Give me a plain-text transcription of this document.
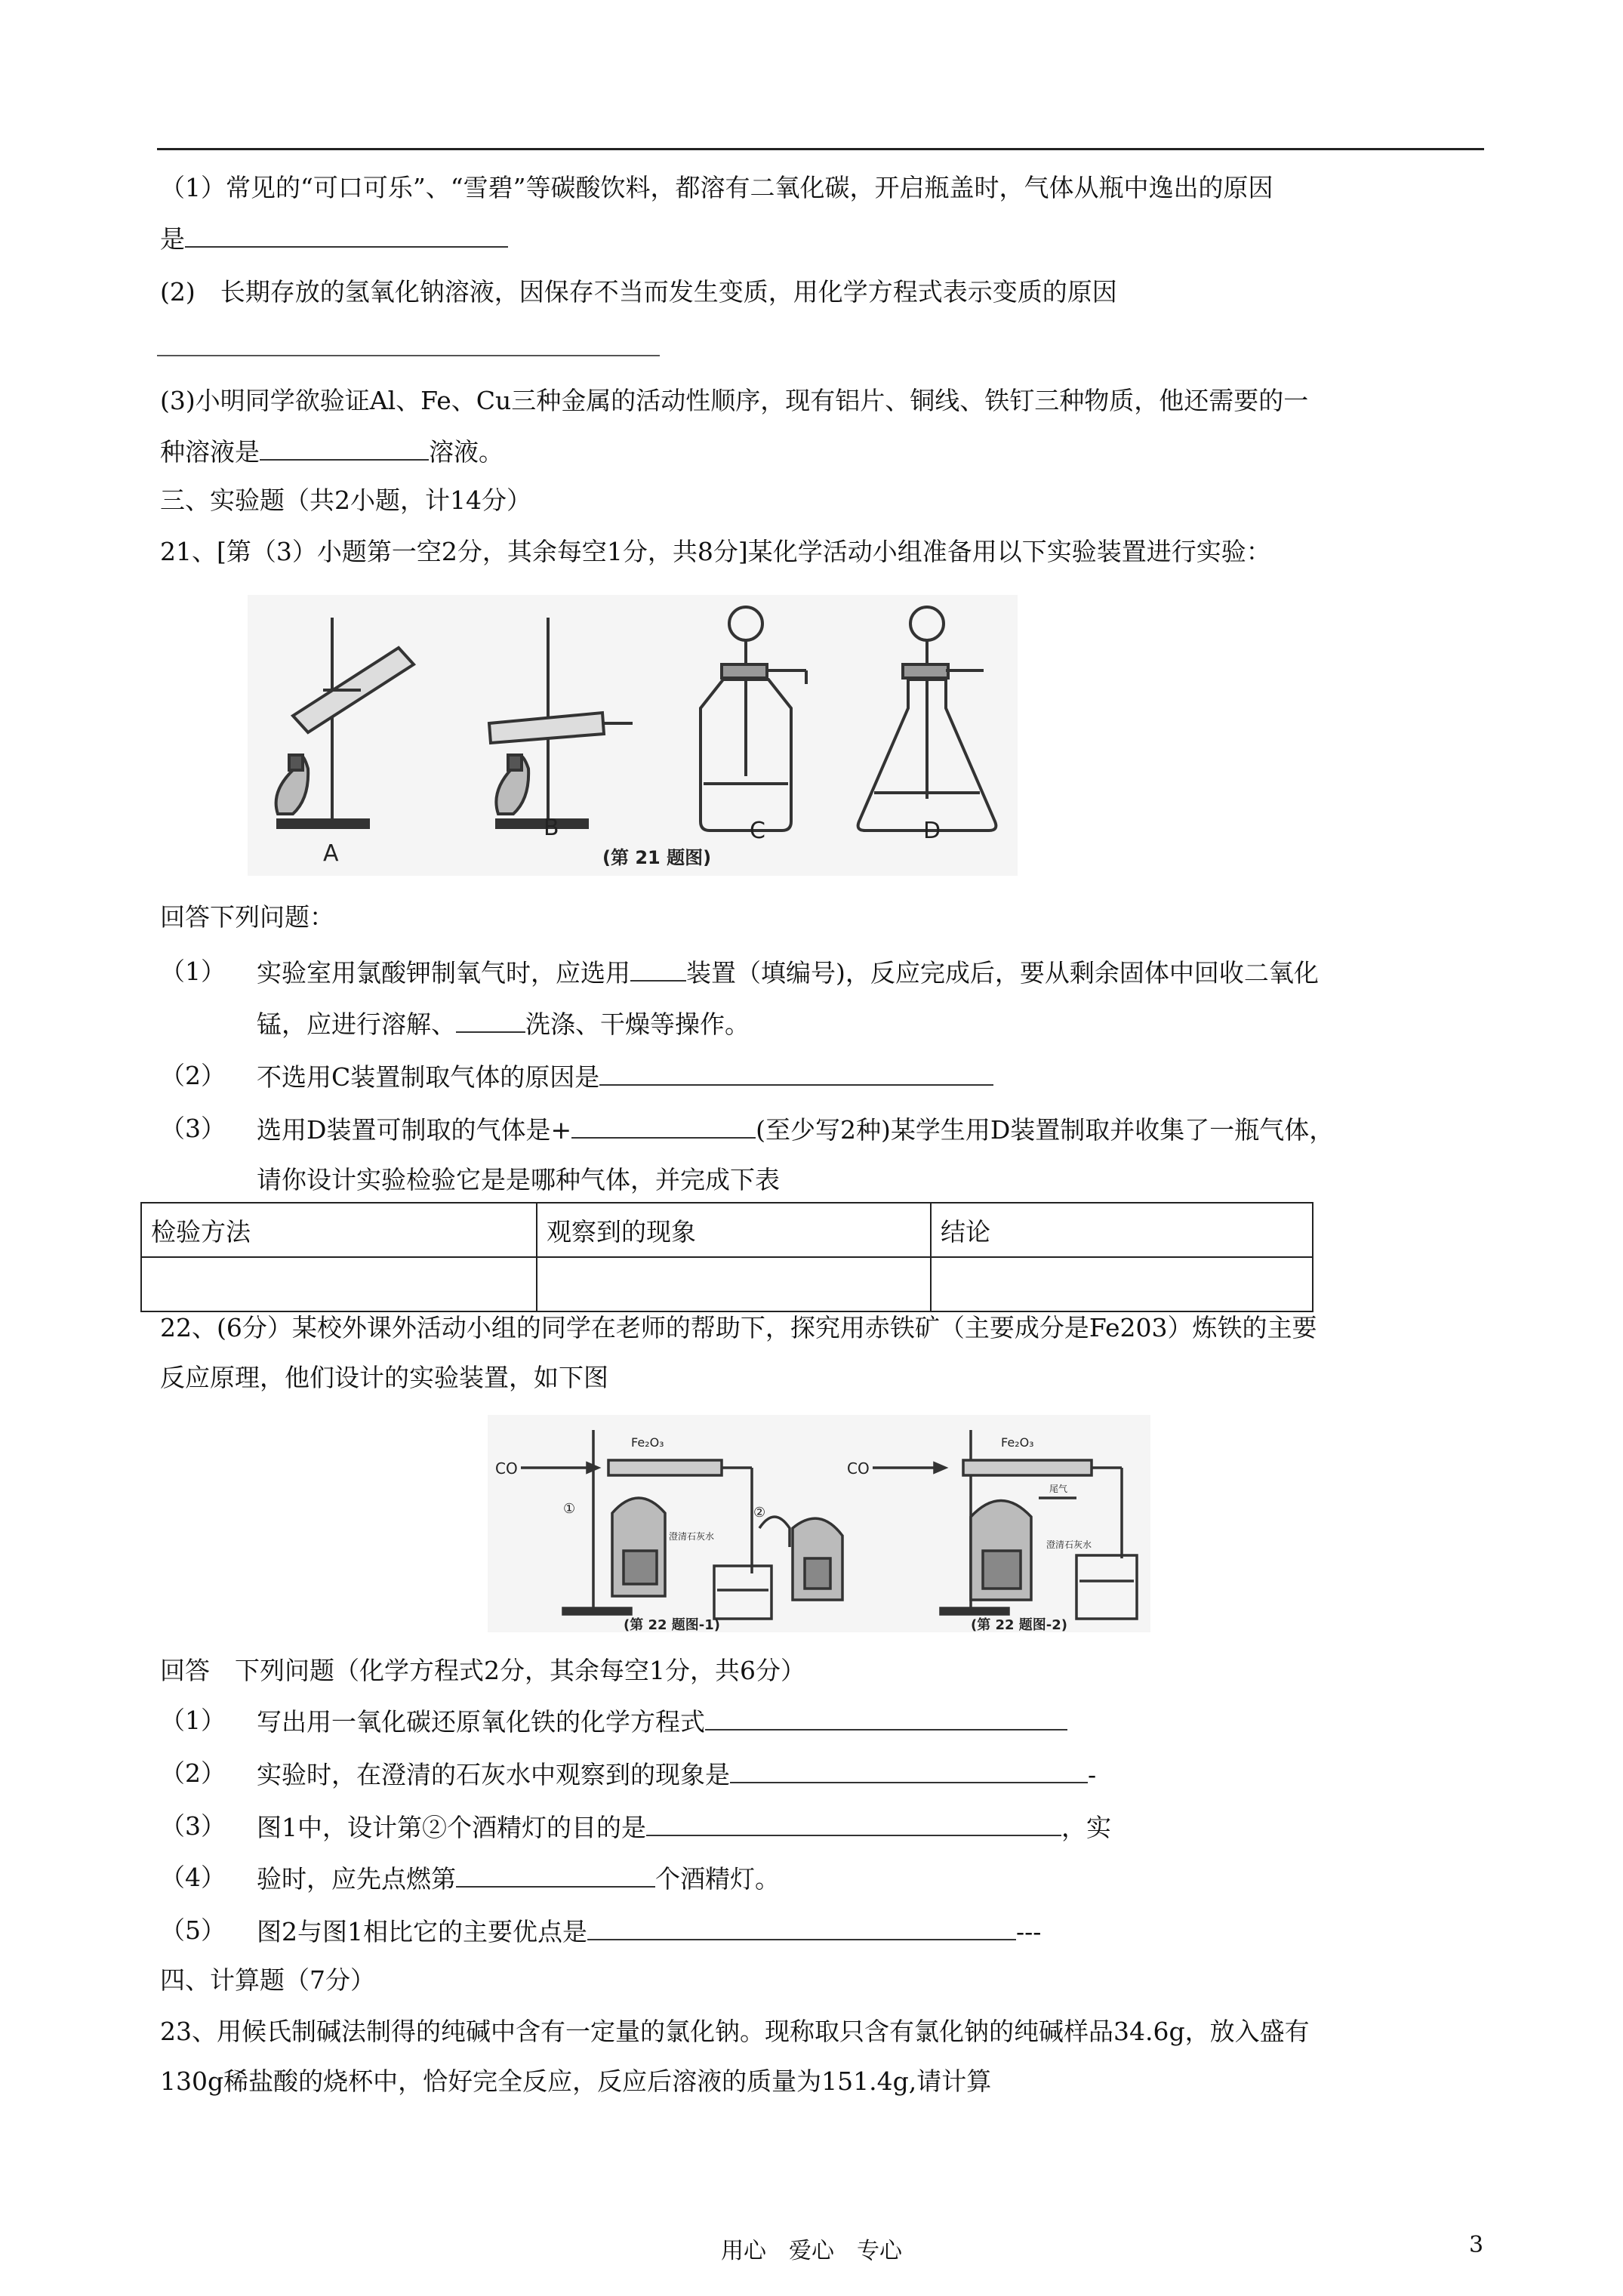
（1）常见的“可口可乐”、“雪碧”等碳酸饮料，都溶有二氧化碳，开启瓶盖时，气体从瓶中逸出的原因
是
(2)　长期存放的氢氧化钠溶液，因保存不当而发生变质，用化学方程式表示变质的原因
(3)小明同学欲验证Al、Fe、Cu三种金属的活动性顺序，现有铝片、铜线、铁钉三种物质，他还需要的一
种溶液是	溶液。
三、实验题（共2小题，计14分）
21、[第（3）小题第一空2分，其余每空1分，共8分]某化学活动小组准备用以下实验装置进行实验：
A
B
(第 21 题图)
C	D
回答下列问题：
（1） 实验室用氯酸钾制氧气时，应选用 装置（填编号)，反应完成后，要从剩余固体中回收二氧化
锰，应进行溶解、	洗涤、干燥等操作。
（2） 不选用C装置制取气体的原因是
（3） 选用D装置可制取的气体是+	(至少写2种)某学生用D装置制取并收集了一瓶气体，
请你设计实验检验它是是哪种气体，并完成下表
检验方法	观察到的现象	结论

22、(6分）某校外课外活动小组的同学在老师的帮助下，探究用赤铁矿（主要成分是Fe203）炼铁的主要
反应原理，他们设计的实验装置，如下图
CO
Fe₂O₃
①	②
澄清石灰水
(第 22 题图-1)
CO
Fe₂O₃
尾气
澄清石灰水
(第 22 题图-2)
回答　下列问题（化学方程式2分，其余每空1分，共6分）
（1） 写出用一氧化碳还原氧化铁的化学方程式
（2） 实验时，在澄清的石灰水中观察到的现象是	-
（3） 图1中，设计第②个酒精灯的目的是	，实
（4） 验时，应先点燃第	个酒精灯。
（5） 图2与图1相比它的主要优点是	---
四、计算题（7分）
23、用候氏制碱法制得的纯碱中含有一定量的氯化钠。现称取只含有氯化钠的纯碱样品34.6g，放入盛有
130g稀盐酸的烧杯中，恰好完全反应，反应后溶液的质量为151.4g,请计算
用心　爱心　专心	3
